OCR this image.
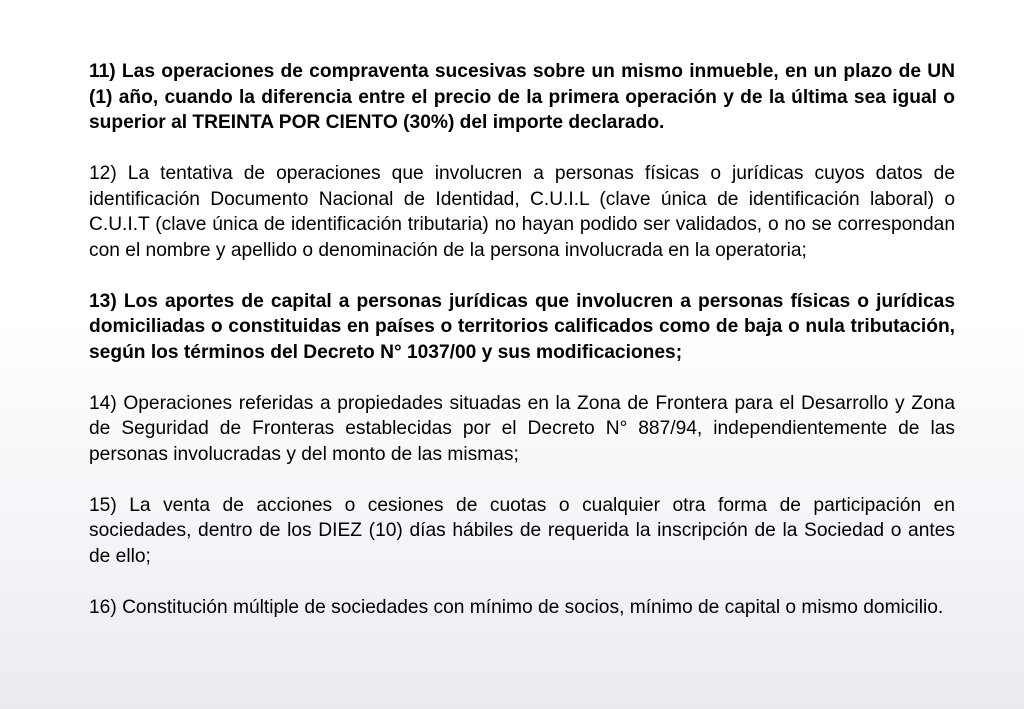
11) Las operaciones de compraventa sucesivas sobre un mismo inmueble, en un plazo de UN (1) año, cuando la diferencia entre el precio de la primera operación y de la última sea igual o superior al TREINTA POR CIENTO (30%) del importe declarado.

12) La tentativa de operaciones que involucren a personas físicas o jurídicas cuyos datos de identificación Documento Nacional de Identidad, C.U.I.L (clave única de identificación laboral) o C.U.I.T (clave única de identificación tributaria) no hayan podido ser validados, o no se correspondan con el nombre y apellido o denominación de la persona involucrada en la operatoria;

13) Los aportes de capital a personas jurídicas que involucren a personas físicas o jurídicas domiciliadas o constituidas en países o territorios calificados como de baja o nula tributación, según los términos del Decreto N° 1037/00 y sus modificaciones;

14) Operaciones referidas a propiedades situadas en la Zona de Frontera para el Desarrollo y Zona de Seguridad de Fronteras establecidas por el Decreto N° 887/94, independientemente de las personas involucradas y del monto de las mismas;

15) La venta de acciones o cesiones de cuotas o cualquier otra forma de participación en sociedades, dentro de los DIEZ (10) días hábiles de requerida la inscripción de la Sociedad o antes de ello;

16) Constitución múltiple de sociedades con mínimo de socios, mínimo de capital o mismo domicilio.
